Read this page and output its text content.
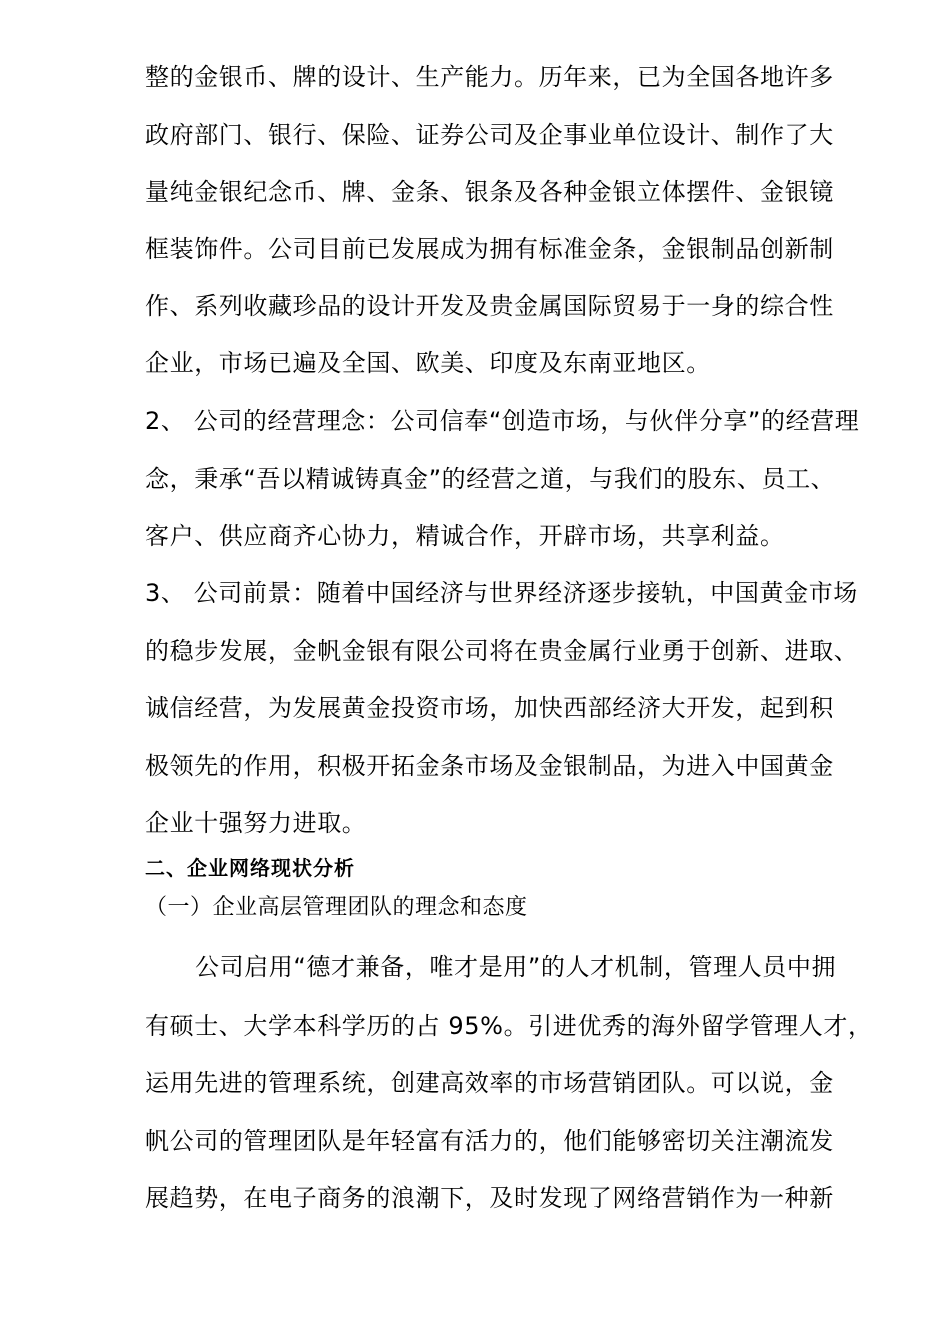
整的金银币、牌的设计、生产能力。历年来，已为全国各地许多
政府部门、银行、保险、证券公司及企事业单位设计、制作了大
量纯金银纪念币、牌、金条、银条及各种金银立体摆件、金银镜
框装饰件。公司目前已发展成为拥有标准金条，金银制品创新制
作、系列收藏珍品的设计开发及贵金属国际贸易于一身的综合性
企业，市场已遍及全国、欧美、印度及东南亚地区。
2、 公司的经营理念：公司信奉“创造市场，与伙伴分享”的经营理
念，秉承“吾以精诚铸真金”的经营之道，与我们的股东、员工、
客户、供应商齐心协力，精诚合作，开辟市场，共享利益。
3、 公司前景：随着中国经济与世界经济逐步接轨，中国黄金市场
的稳步发展，金帆金银有限公司将在贵金属行业勇于创新、进取、
诚信经营，为发展黄金投资市场，加快西部经济大开发，起到积
极领先的作用，积极开拓金条市场及金银制品，为进入中国黄金
企业十强努力进取。
二、企业网络现状分析
（一）企业高层管理团队的理念和态度
公司启用“德才兼备，唯才是用”的人才机制，管理人员中拥
有硕士、大学本科学历的占 95%。引进优秀的海外留学管理人才，
运用先进的管理系统，创建高效率的市场营销团队。可以说，金
帆公司的管理团队是年轻富有活力的，他们能够密切关注潮流发
展趋势，在电子商务的浪潮下，及时发现了网络营销作为一种新
